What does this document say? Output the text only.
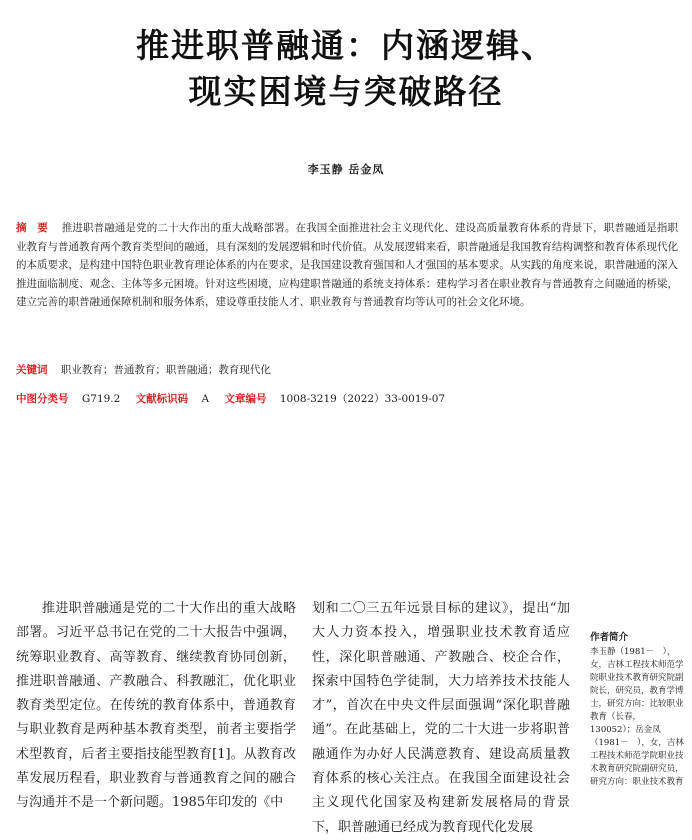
推进职普融通：内涵逻辑、
现实困境与突破路径
李玉静 岳金凤
摘　要 推进职普融通是党的二十大作出的重大战略部署。在我国全面推进社会主义现代化、建设高质量教育体系的背景下，职普融通是指职业教育与普通教育两个教育类型间的融通，具有深刻的发展逻辑和时代价值。从发展逻辑来看，职普融通是我国教育结构调整和教育体系现代化的本质要求，是构建中国特色职业教育理论体系的内在要求，是我国建设教育强国和人才强国的基本要求。从实践的角度来说，职普融通的深入推进面临制度、观念、主体等多元困境。针对这些困境，应构建职普融通的系统支持体系：建构学习者在职业教育与普通教育之间融通的桥梁，建立完善的职普融通保障机制和服务体系，建设尊重技能人才、职业教育与普通教育均等认可的社会文化环境。
关键词 职业教育；普通教育；职普融通；教育现代化
中图分类号 G719.2 文献标识码 A 文章编号 1008-3219（2022）33-0019-07
推进职普融通是党的二十大作出的重大战略部署。习近平总书记在党的二十大报告中强调，统筹职业教育、高等教育、继续教育协同创新，推进职普融通、产教融合、科教融汇，优化职业教育类型定位。在传统的教育体系中，普通教育与职业教育是两种基本教育类型，前者主要指学术型教育，后者主要指技能型教育[1]。从教育改革发展历程看，职业教育与普通教育之间的融合与沟通并不是一个新问题。1985年印发的《中
划和二〇三五年远景目标的建议》，提出“加大人力资本投入，增强职业技术教育适应性，深化职普融通、产教融合、校企合作，探索中国特色学徒制，大力培养技术技能人才”，首次在中央文件层面强调“深化职普融通”。在此基础上，党的二十大进一步将职普融通作为办好人民满意教育、建设高质量教育体系的核心关注点。在我国全面建设社会主义现代化国家及构建新发展格局的背景下，职普融通已经成为教育现代化发展
作者简介
李玉静（1981－　），女，吉林工程技术师范学院职业技术教育研究院副院长，研究员，教育学博士，研究方向：比较职业教育（长春，130052）；岳金凤（1981－　），女，吉林工程技术师范学院职业技术教育研究院副研究员，研究方向：职业技术教育
